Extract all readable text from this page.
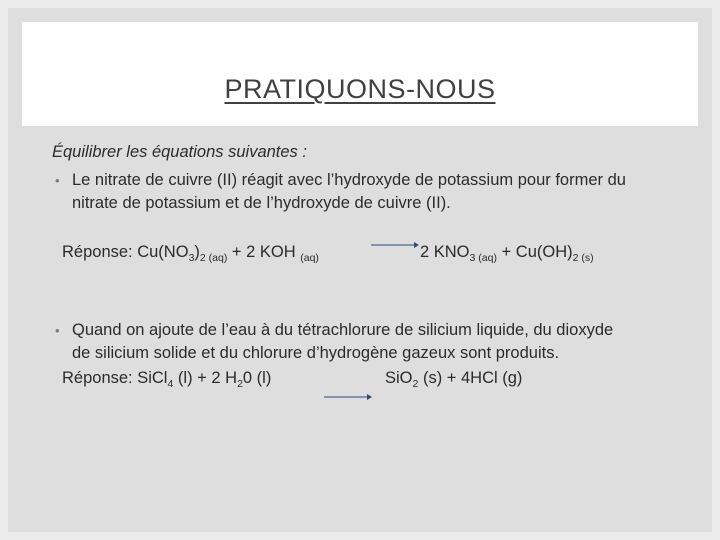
PRATIQUONS-NOUS
Équilibrer les équations suivantes :
• Le nitrate de cuivre (II) réagit avec l’hydroxyde de potassium pour former du
nitrate de potassium et de l’hydroxyde de cuivre (II).
Réponse: $Cu(NO_3)_{2 (aq)} + 2$ KOH $_{(aq)}$ → 2 $KNO_{3 (aq)} + Cu(OH)_{2 (s)}$
• Quand on ajoute de l’eau à du tétrachlorure de silicium liquide, du dioxyde
de silicium solide et du chlorure d’hydrogène gazeux sont produits.
Réponse: SiCl$_4$ (l) + 2 $H_20$ (l)	SiO$_2$ (s) + 4HCl (g)
